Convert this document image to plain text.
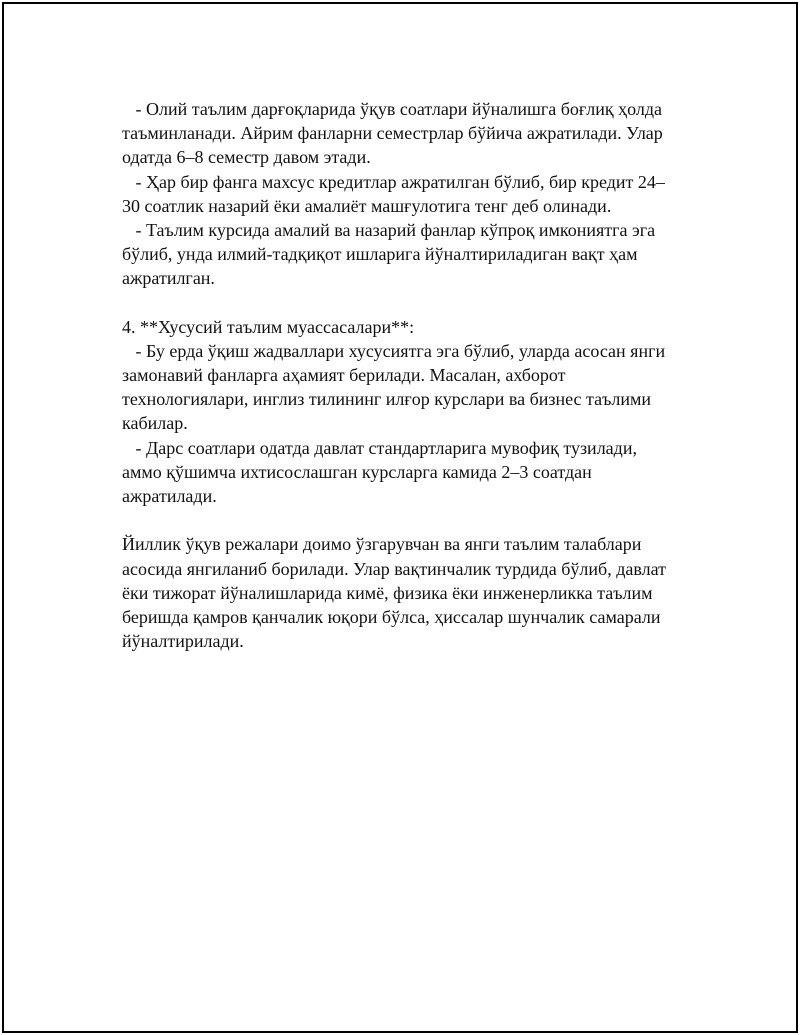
- Олий таълим дарғоқларида ўқув соатлари йўналишга боғлиқ ҳолда
таъминланади. Айрим фанларни семестрлар бўйича ажратилади. Улар
одатда 6–8 семестр давом этади.
- Ҳар бир фанга махсус кредитлар ажратилган бўлиб, бир кредит 24–
30 соатлик назарий ёки амалиёт машғулотига тенг деб олинади.
- Таълим курсида амалий ва назарий фанлар кўпроқ имкониятга эга
бўлиб, унда илмий-тадқиқот ишларига йўналтириладиган вақт ҳам
ажратилган.
4. **Хусусий таълим муассасалари**:
- Бу ерда ўқиш жадваллари хусусиятга эга бўлиб, уларда асосан янги
замонавий фанларга аҳамият берилади. Масалан, ахборот
технологиялари, инглиз тилининг илғор курслари ва бизнес таълими
кабилар.
- Дарс соатлари одатда давлат стандартларига мувофиқ тузилади,
аммо қўшимча ихтисослашган курсларга камида 2–3 соатдан
ажратилади.
Йиллик ўқув режалари доимо ўзгарувчан ва янги таълим талаблари
асосида янгиланиб борилади. Улар вақтинчалик турдида бўлиб, давлат
ёки тижорат йўналишларида кимё, физика ёки инженерликка таълим
беришда қамров қанчалик юқори бўлса, ҳиссалар шунчалик самарали
йўналтирилади.
